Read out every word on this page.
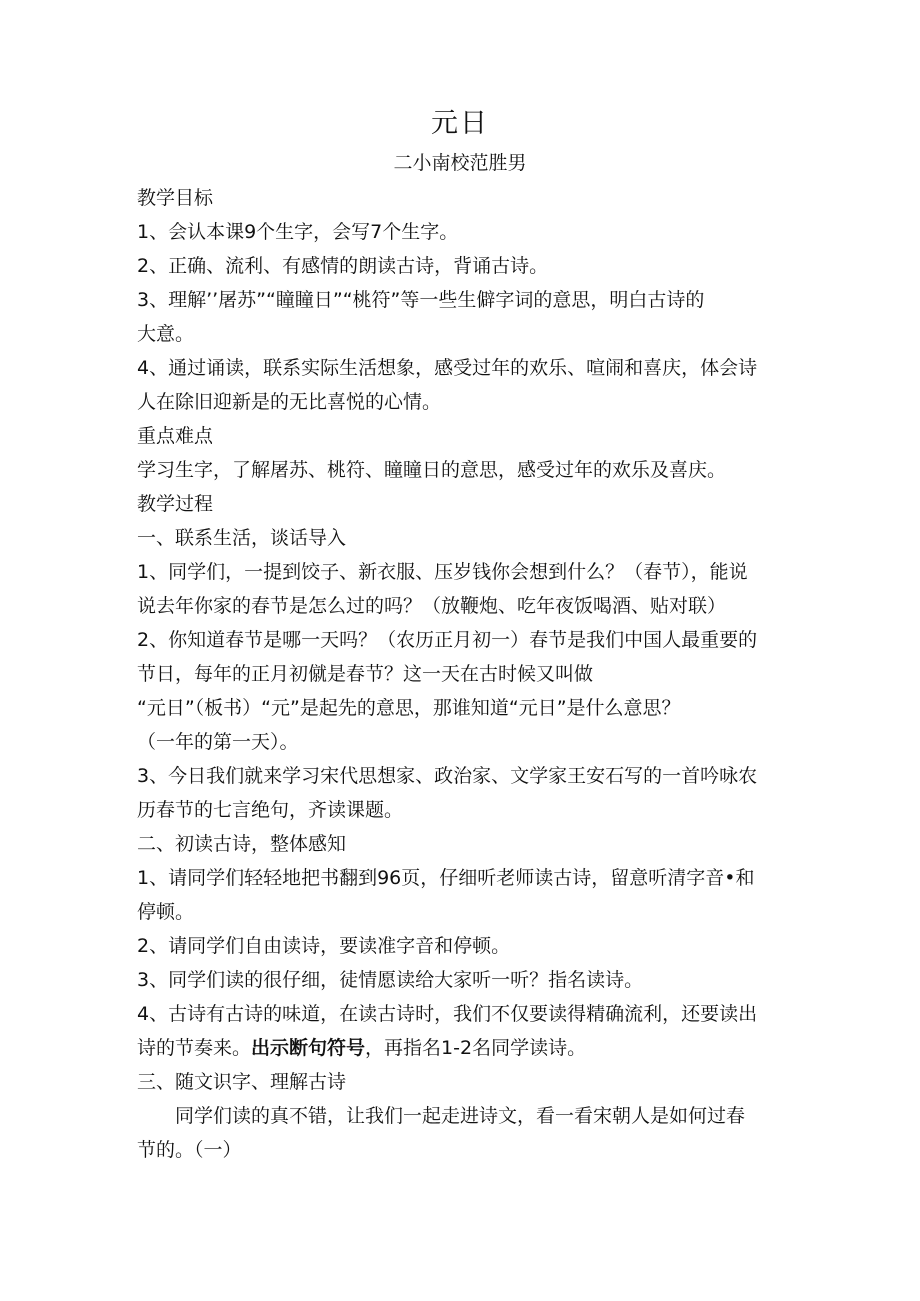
元日
二小南校范胜男

教学目标

1、会认本课9个生字，会写7个生字。

2、正确、流利、有感情的朗读古诗，背诵古诗。

3、理解’’屠苏”“瞳瞳日”“桃符”等一些生僻字词的意思，明白古诗的

大意。

4、通过诵读，联系实际生活想象，感受过年的欢乐、喧闹和喜庆，体会诗

人在除旧迎新是的无比喜悦的心情。

重点难点

学习生字，了解屠苏、桃符、瞳瞳日的意思，感受过年的欢乐及喜庆。

教学过程

一、联系生活，谈话导入

1、同学们，一提到饺子、新衣服、压岁钱你会想到什么？（春节），能说

说去年你家的春节是怎么过的吗？（放鞭炮、吃年夜饭喝酒、贴对联）

2、你知道春节是哪一天吗？（农历正月初一）春节是我们中国人最重要的

节日，每年的正月初僦是春节？这一天在古时候又叫做

“元日”（板书）“元”是起先的意思，那谁知道“元日”是什么意思？

（一年的第一天）。

3、今日我们就来学习宋代思想家、政治家、文学家王安石写的一首吟咏农

历春节的七言绝句，齐读课题。

二、初读古诗，整体感知

1、请同学们轻轻地把书翻到96页，仔细听老师读古诗，留意听清字音•和

停顿。

2、请同学们自由读诗，要读准字音和停顿。

3、同学们读的很仔细，徒情愿读给大家听一听？指名读诗。

4、古诗有古诗的味道，在读古诗时，我们不仅要读得精确流利，还要读出

诗的节奏来。出示断句符号，再指名1-2名同学读诗。

三、随文识字、理解古诗

同学们读的真不错，让我们一起走进诗文，看一看宋朝人是如何过春

节的。（一）
